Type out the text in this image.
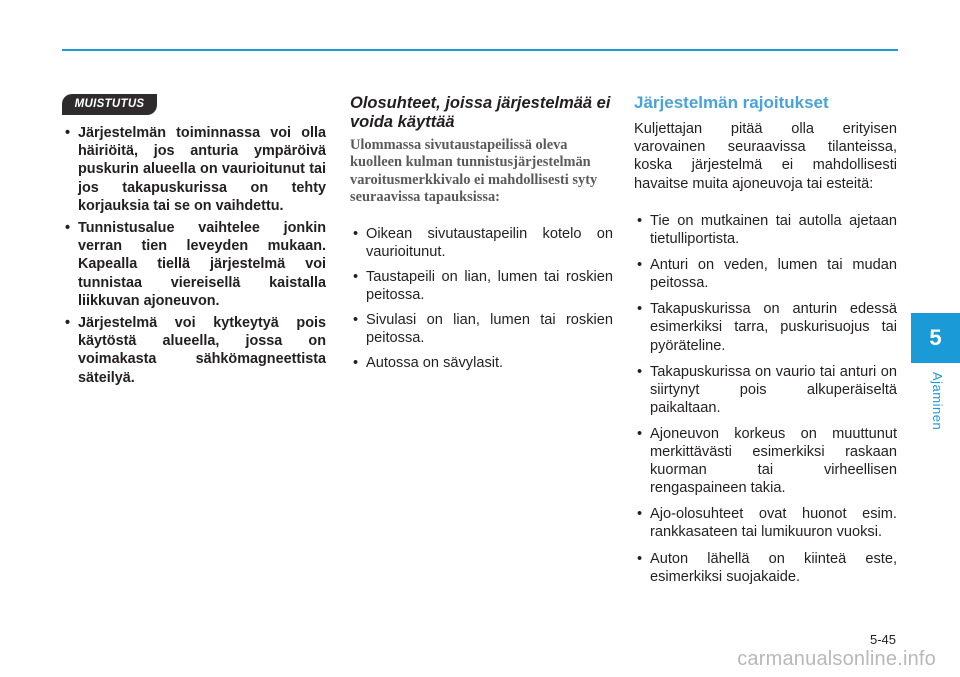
MUISTUTUS
• Järjestelmän toiminnassa voi olla häiriöitä, jos anturia ympäröivä puskurin alueella on vaurioitunut tai jos takapuskurissa on tehty korjauksia tai se on vaihdettu.
• Tunnistusalue vaihtelee jonkin verran tien leveyden mukaan. Kapealla tiellä järjestelmä voi tunnistaa viereisellä kaistalla liikkuvan ajoneuvon.
• Järjestelmä voi kytkeytyä pois käytöstä alueella, jossa on voimakasta sähkömagneettista säteilyä.
Olosuhteet, joissa järjestelmää ei voida käyttää

Ulommassa sivutaustapeilissä oleva kuolleen kulman tunnistusjärjestelmän varoitusmerkkivalo ei mahdollisesti syty seuraavissa tapauksissa:

• Oikean sivutaustapeilin kotelo on vaurioitunut.
• Taustapeili on lian, lumen tai roskien peitossa.
• Sivulasi on lian, lumen tai roskien peitossa.
• Autossa on sävylasit.
Järjestelmän rajoitukset

Kuljettajan pitää olla erityisen varovainen seuraavissa tilanteissa, koska järjestelmä ei mahdollisesti havaitse muita ajoneuvoja tai esteitä:

• Tie on mutkainen tai autolla ajetaan tietulliportista.
• Anturi on veden, lumen tai mudan peitossa.
• Takapuskurissa on anturin edessä esimerkiksi tarra, puskurisuojus tai pyöräteline.
• Takapuskurissa on vaurio tai anturi on siirtynyt pois alkuperäiseltä paikaltaan.
• Ajoneuvon korkeus on muuttunut merkittävästi esimerkiksi raskaan kuorman tai virheellisen rengaspaineen takia.
• Ajo-olosuhteet ovat huonot esim. rankkasateen tai lumikuuron vuoksi.
• Auton lähellä on kiinteä este, esimerkiksi suojakaide.
5
Ajaminen
5-45
carmanualsonline.info
